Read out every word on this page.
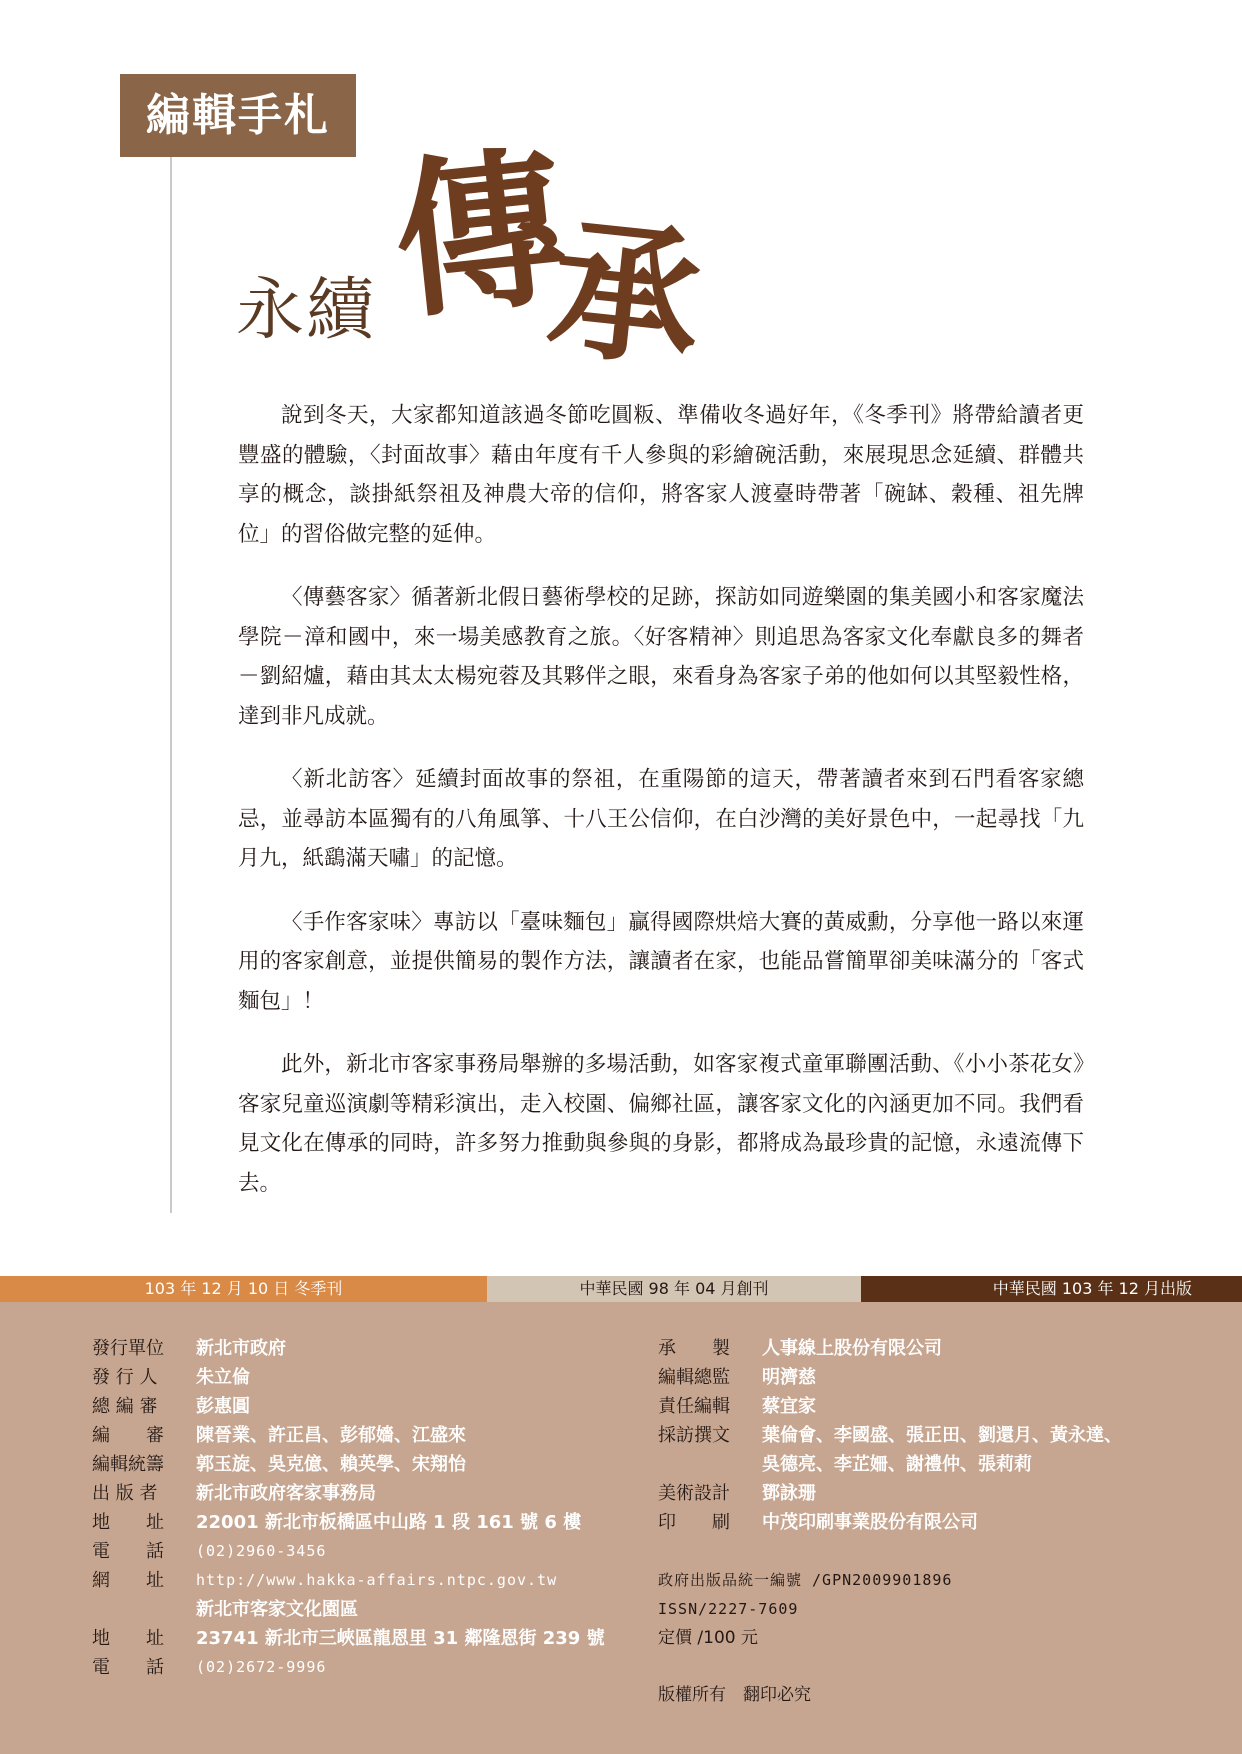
編輯手札
永續 傳
承

說到冬天，大家都知道該過冬節吃圓粄、準備收冬過好年，《冬季刊》將帶給讀者更豐盛的體驗，〈封面故事〉藉由年度有千人參與的彩繪碗活動，來展現思念延續、群體共享的概念，談掛紙祭祖及神農大帝的信仰，將客家人渡臺時帶著「碗缽、穀種、祖先牌位」的習俗做完整的延伸。

〈傳藝客家〉循著新北假日藝術學校的足跡，探訪如同遊樂園的集美國小和客家魔法學院－漳和國中，來一場美感教育之旅。〈好客精神〉則追思為客家文化奉獻良多的舞者－劉紹爐，藉由其太太楊宛蓉及其夥伴之眼，來看身為客家子弟的他如何以其堅毅性格，達到非凡成就。

〈新北訪客〉延續封面故事的祭祖，在重陽節的這天，帶著讀者來到石門看客家總忌，並尋訪本區獨有的八角風箏、十八王公信仰，在白沙灣的美好景色中，一起尋找「九月九，紙鷂滿天嘯」的記憶。

〈手作客家味〉專訪以「臺味麵包」贏得國際烘焙大賽的黃威勳，分享他一路以來運用的客家創意，並提供簡易的製作方法，讓讀者在家，也能品嘗簡單卻美味滿分的「客式麵包」！

此外，新北市客家事務局舉辦的多場活動，如客家複式童軍聯團活動、《小小茶花女》客家兒童巡演劇等精彩演出，走入校園、偏鄉社區，讓客家文化的內涵更加不同。我們看見文化在傳承的同時，許多努力推動與參與的身影，都將成為最珍貴的記憶，永遠流傳下去。

103 年 12 月 10 日 冬季刊	中華民國 98 年 04 月創刊	中華民國 103 年 12 月出版
發行單位 新北市政府
發 行 人 朱立倫
總 編 審 彭惠圓
編　　審 陳晉業、許正昌、彭郁嬙、江盛來
編輯統籌 郭玉旋、吳克億、賴英學、宋翔怡
出 版 者 新北市政府客家事務局
地　　址 22001 新北市板橋區中山路 1 段 161 號 6 樓
電　　話 (02)2960-3456
網　　址 http://www.hakka-affairs.ntpc.gov.tw
新北市客家文化園區
地　　址 23741 新北市三峽區龍恩里 31 鄰隆恩街 239 號
電　　話 (02)2672-9996
承　　製 人事線上股份有限公司
編輯總監 明濟慈
責任編輯 蔡宜家
採訪撰文 葉倫會、李國盛、張正田、劉還月、黃永達、
吳德亮、李芷姍、謝禮仲、張莉莉
美術設計 鄧詠珊
印　　刷 中茂印刷事業股份有限公司
政府出版品統一編號 /GPN2009901896
ISSN/2227-7609
定價 /100 元
版權所有　翻印必究
